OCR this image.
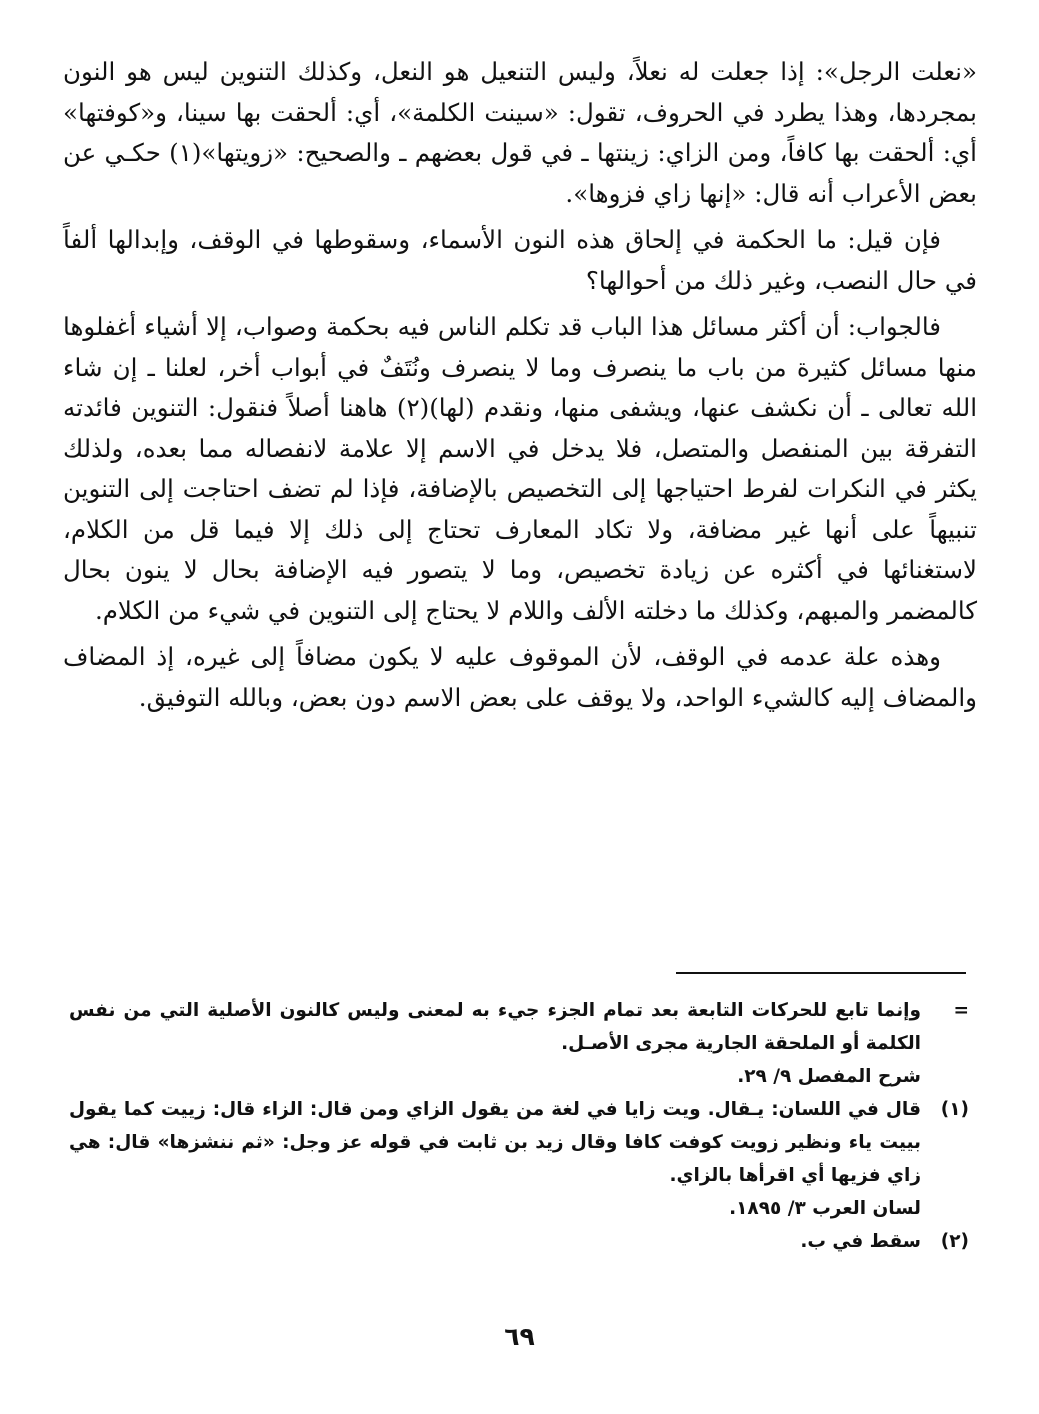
«نعلت الرجل»: إذا جعلت له نعلاً، وليس التنعيل هو النعل، وكذلك التنوين ليس هو النون بمجردها، وهذا يطرد في الحروف، تقول: «سينت الكلمة»، أي: ألحقت بها سينا، و«كوفتها» أي: ألحقت بها كافاً، ومن الزاي: زينتها ـ في قول بعضهم ـ والصحيح: «زويتها»(١) حكـي عن بعض الأعراب أنه قال: «إنها زاي فزوها».

فإن قيل: ما الحكمة في إلحاق هذه النون الأسماء، وسقوطها في الوقف، وإبدالها ألفاً في حال النصب، وغير ذلك من أحوالها؟

فالجواب: أن أكثر مسائل هذا الباب قد تكلم الناس فيه بحكمة وصواب، إلا أشياء أغفلوها منها مسائل كثيرة من باب ما ينصرف وما لا ينصرف ونُتَفٌ في أبواب أخر، لعلنا ـ إن شاء الله تعالى ـ أن نكشف عنها، ويشفى منها، ونقدم (لها)(٢) هاهنا أصلاً فنقول: التنوين فائدته التفرقة بين المنفصل والمتصل، فلا يدخل في الاسم إلا علامة لانفصاله مما بعده، ولذلك يكثر في النكرات لفرط احتياجها إلى التخصيص بالإضافة، فإذا لم تضف احتاجت إلى التنوين تنبيهاً على أنها غير مضافة، ولا تكاد المعارف تحتاج إلى ذلك إلا فيما قل من الكلام، لاستغنائها في أكثره عن زيادة تخصيص، وما لا يتصور فيه الإضافة بحال لا ينون بحال كالمضمر والمبهم، وكذلك ما دخلته الألف واللام لا يحتاج إلى التنوين في شيء من الكلام.

وهذه علة عدمه في الوقف، لأن الموقوف عليه لا يكون مضافاً إلى غيره، إذ المضاف والمضاف إليه كالشيء الواحد، ولا يوقف على بعض الاسم دون بعض، وبالله التوفيق.

=
وإنما تابع للحركات التابعة بعد تمام الجزء جيء به لمعنى وليس كالنون الأصلية التي من نفس الكلمة أو الملحقة الجارية مجرى الأصـل.
شرح المفصل ٩/ ٢٩.
(١)
قال في اللسان: يـقال. ويت زايا في لغة من يقول الزاي ومن قال: الزاء قال: زييت كما يقول بييت ياء ونظير زويت كوفت كافا وقال زيد بن ثابت في قوله عز وجل: «ثم ننشزها» قال: هي زاي فزيها أي اقرأها بالزاي.
لسان العرب ٣/ ١٨٩٥.
(٢)
سقط في ب.
٦٩
